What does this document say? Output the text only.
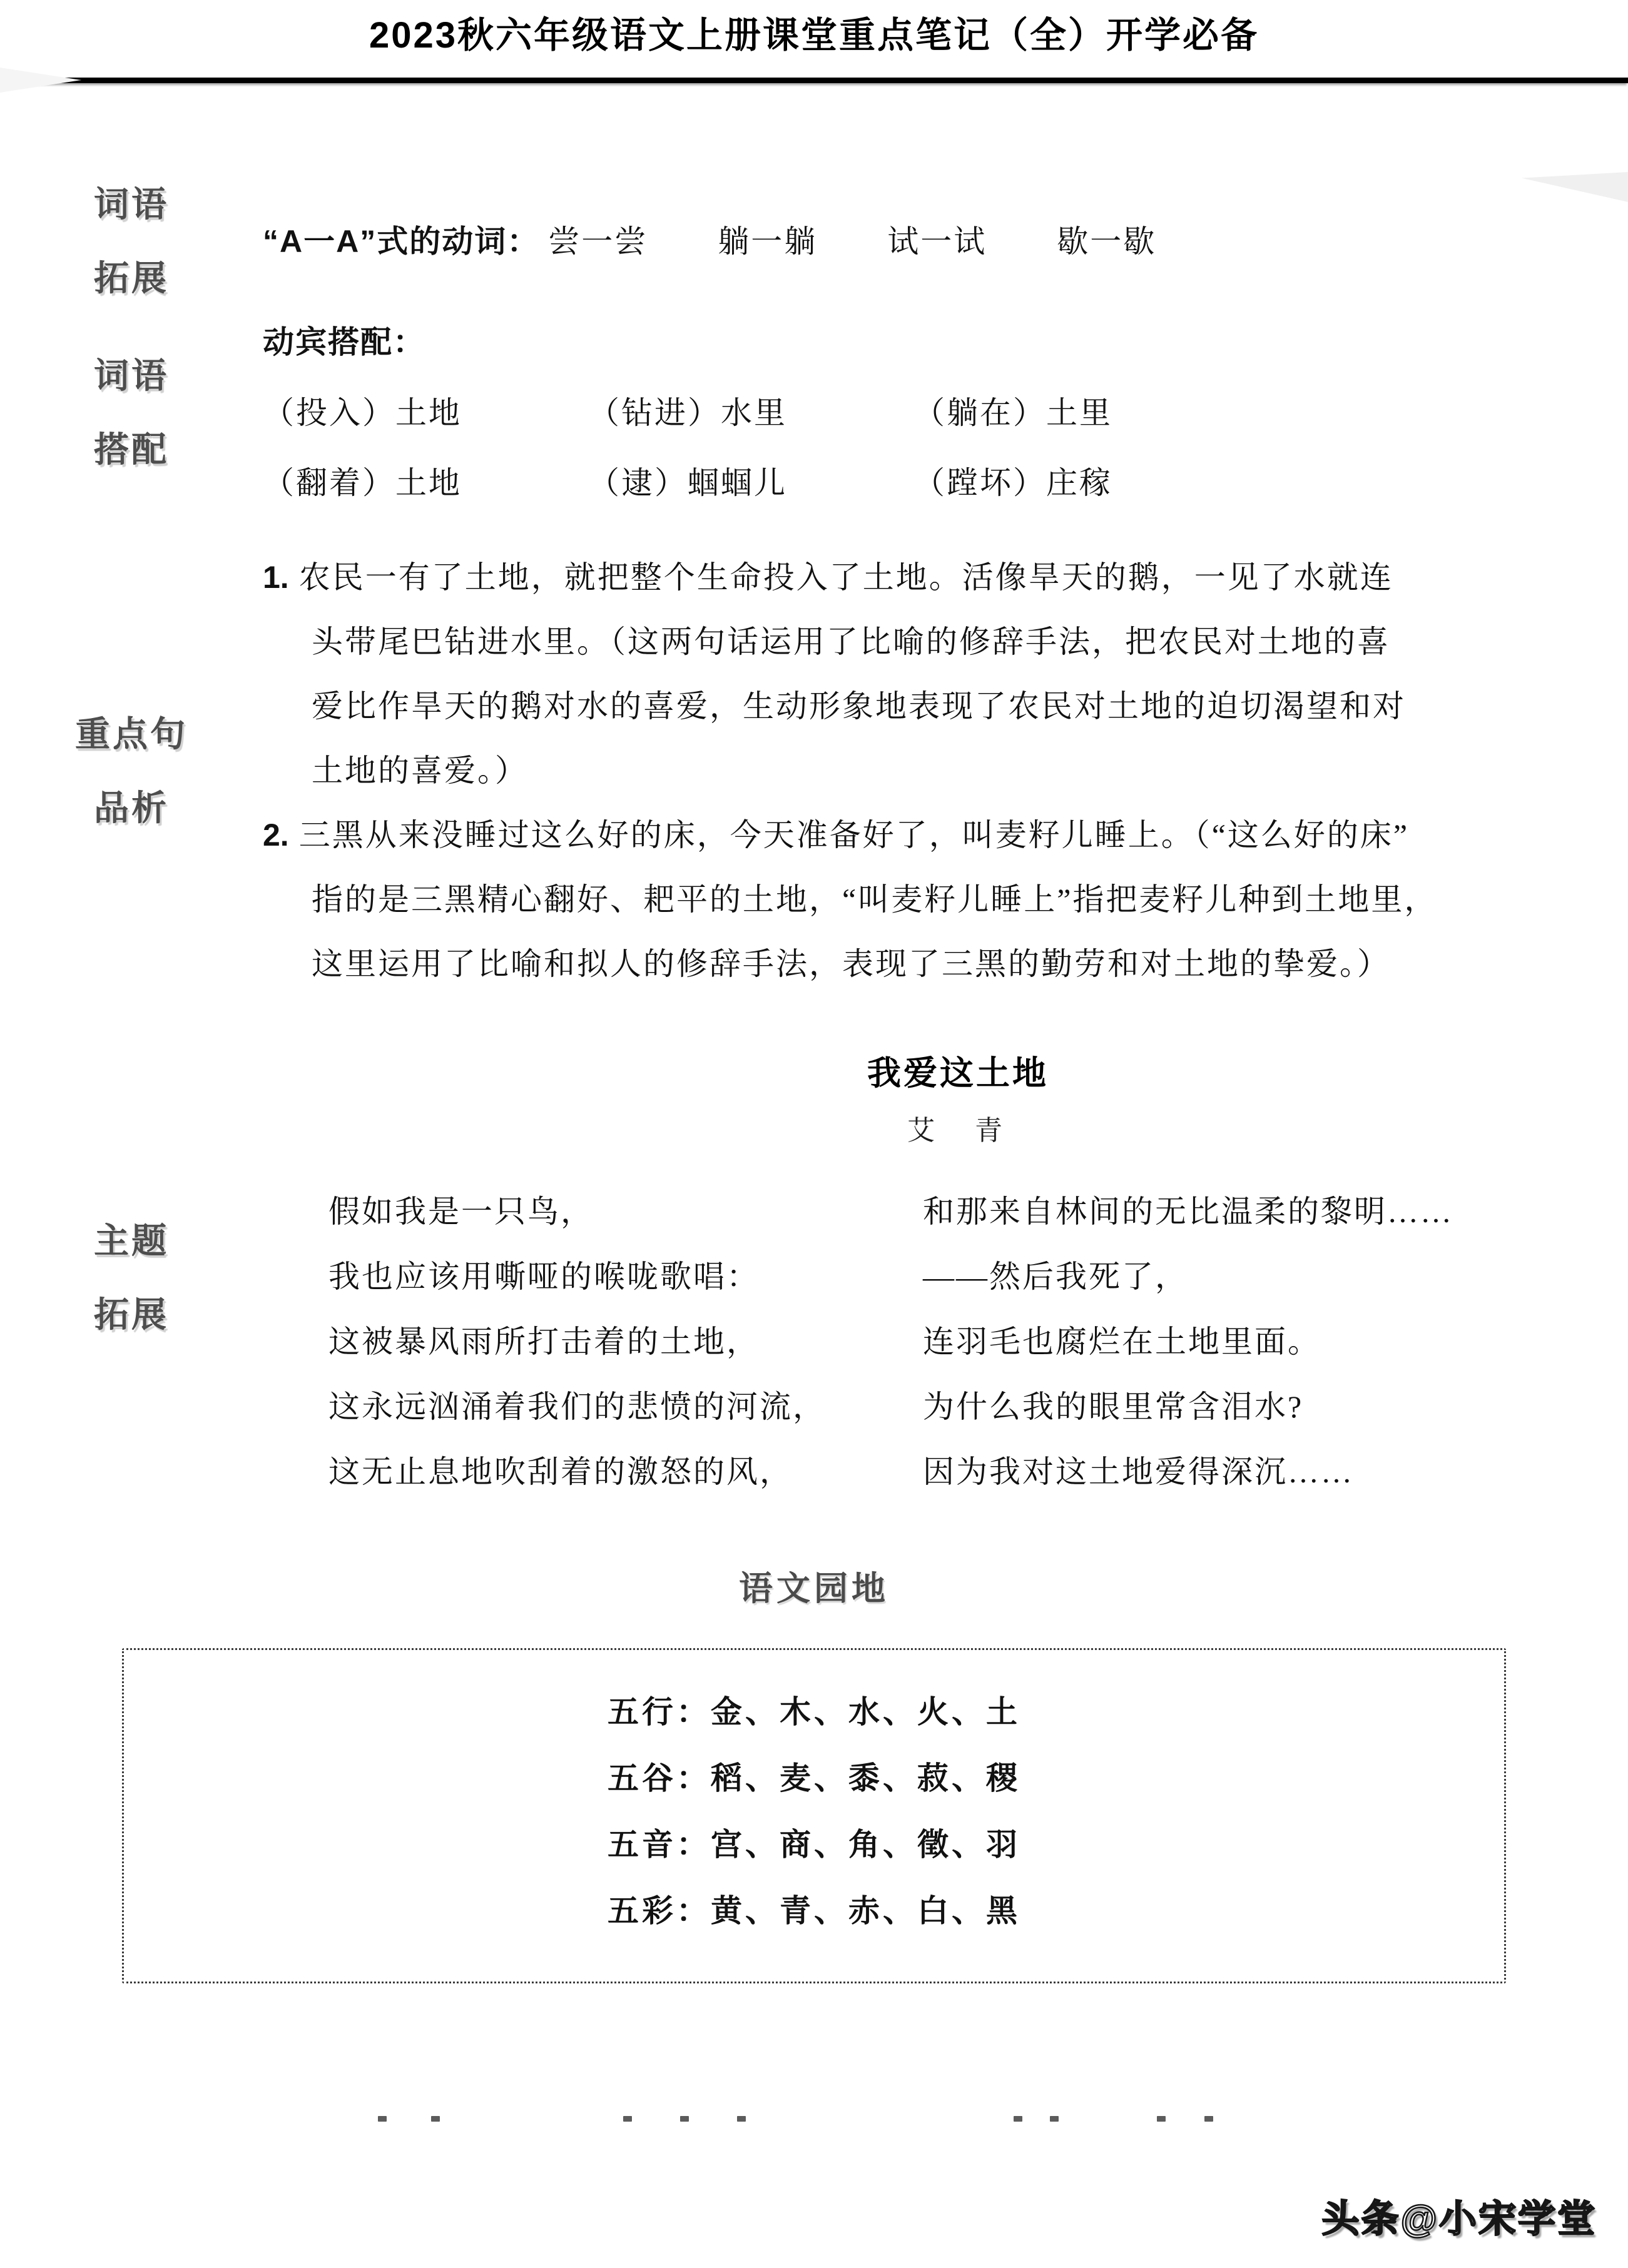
2023秋六年级语文上册课堂重点笔记（全）开学必备
词语
拓展
“A一A”式的动词： 尝一尝 躺一躺 试一试 歇一歇
词语
搭配
动宾搭配：
（投入）土地	（钻进）水里	（躺在）土里
（翻着）土地	（逮）蝈蝈儿	（蹚坏）庄稼
重点句
品析
1. 农民一有了土地，就把整个生命投入了土地。活像旱天的鹅，一见了水就连
头带尾巴钻进水里。（这两句话运用了比喻的修辞手法，把农民对土地的喜
爱比作旱天的鹅对水的喜爱，生动形象地表现了农民对土地的迫切渴望和对
土地的喜爱。）
2. 三黑从来没睡过这么好的床，今天准备好了，叫麦籽儿睡上。（“这么好的床”
指的是三黑精心翻好、耙平的土地，“叫麦籽儿睡上”指把麦籽儿种到土地里，
这里运用了比喻和拟人的修辞手法，表现了三黑的勤劳和对土地的挚爱。）
主题
拓展
我爱这土地
艾　青
假如我是一只鸟，
我也应该用嘶哑的喉咙歌唱：
这被暴风雨所打击着的土地，
这永远汹涌着我们的悲愤的河流，
这无止息地吹刮着的激怒的风，
和那来自林间的无比温柔的黎明……
——然后我死了，
连羽毛也腐烂在土地里面。
为什么我的眼里常含泪水?
因为我对这土地爱得深沉……
语文园地
五行：金、木、水、火、土
五谷：稻、麦、黍、菽、稷
五音：宫、商、角、徵、羽
五彩：黄、青、赤、白、黑
头条@小宋学堂
